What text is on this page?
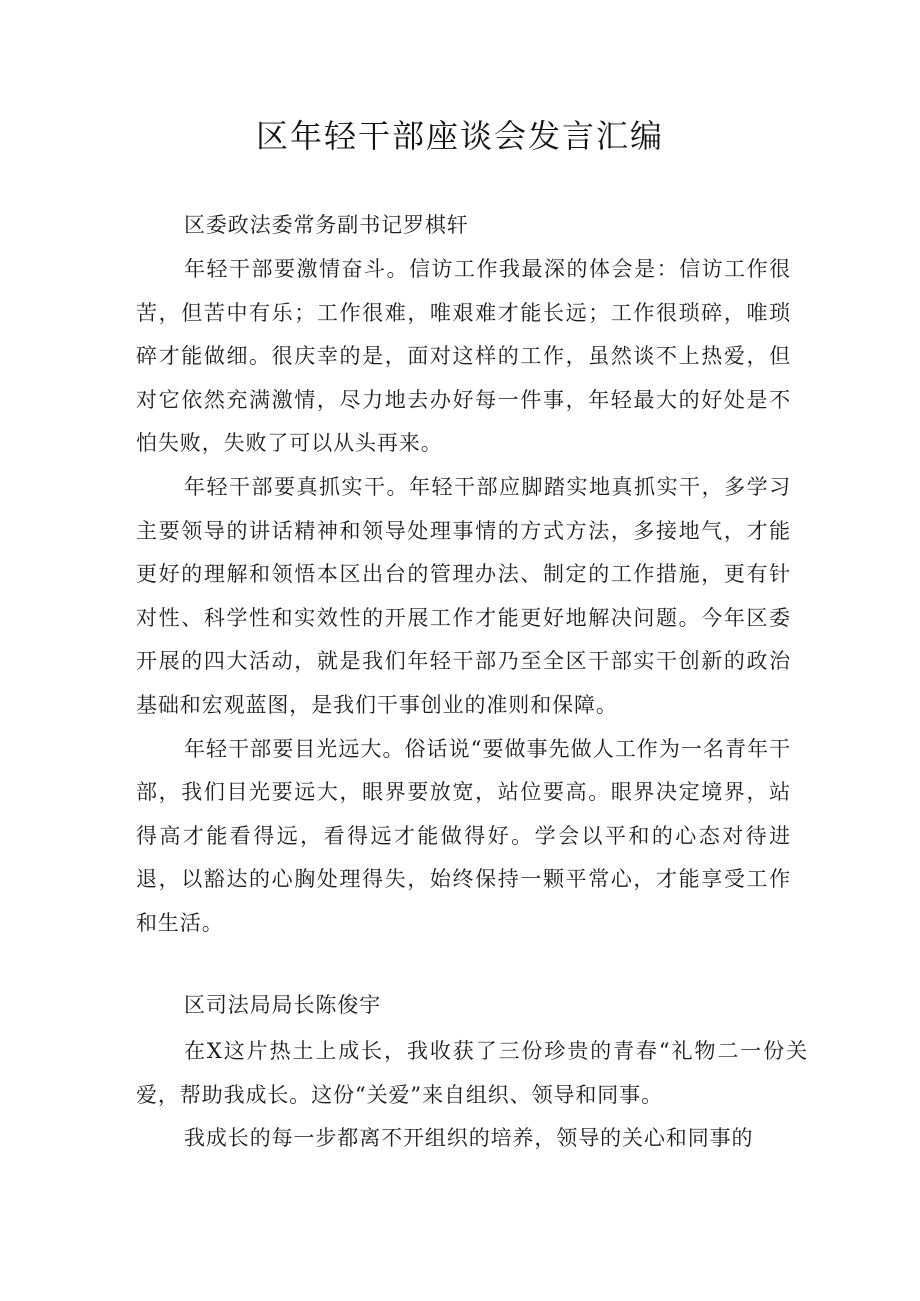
区年轻干部座谈会发言汇编

区委政法委常务副书记罗棋轩

年轻干部要激情奋斗。信访工作我最深的体会是：信访工作很苦，但苦中有乐；工作很难，唯艰难才能长远；工作很琐碎，唯琐碎才能做细。很庆幸的是，面对这样的工作，虽然谈不上热爱，但对它依然充满激情，尽力地去办好每一件事，年轻最大的好处是不怕失败，失败了可以从头再来。

年轻干部要真抓实干。年轻干部应脚踏实地真抓实干，多学习主要领导的讲话精神和领导处理事情的方式方法，多接地气，才能更好的理解和领悟本区出台的管理办法、制定的工作措施，更有针对性、科学性和实效性的开展工作才能更好地解决问题。今年区委开展的四大活动，就是我们年轻干部乃至全区干部实干创新的政治基础和宏观蓝图，是我们干事创业的准则和保障。

年轻干部要目光远大。俗话说“要做事先做人工作为一名青年干部，我们目光要远大，眼界要放宽，站位要高。眼界决定境界，站得高才能看得远，看得远才能做得好。学会以平和的心态对待进退，以豁达的心胸处理得失，始终保持一颗平常心，才能享受工作和生活。

区司法局局长陈俊宇

在X这片热土上成长，我收获了三份珍贵的青春“礼物二一份关爱，帮助我成长。这份“关爱”来自组织、领导和同事。

我成长的每一步都离不开组织的培养，领导的关心和同事的
